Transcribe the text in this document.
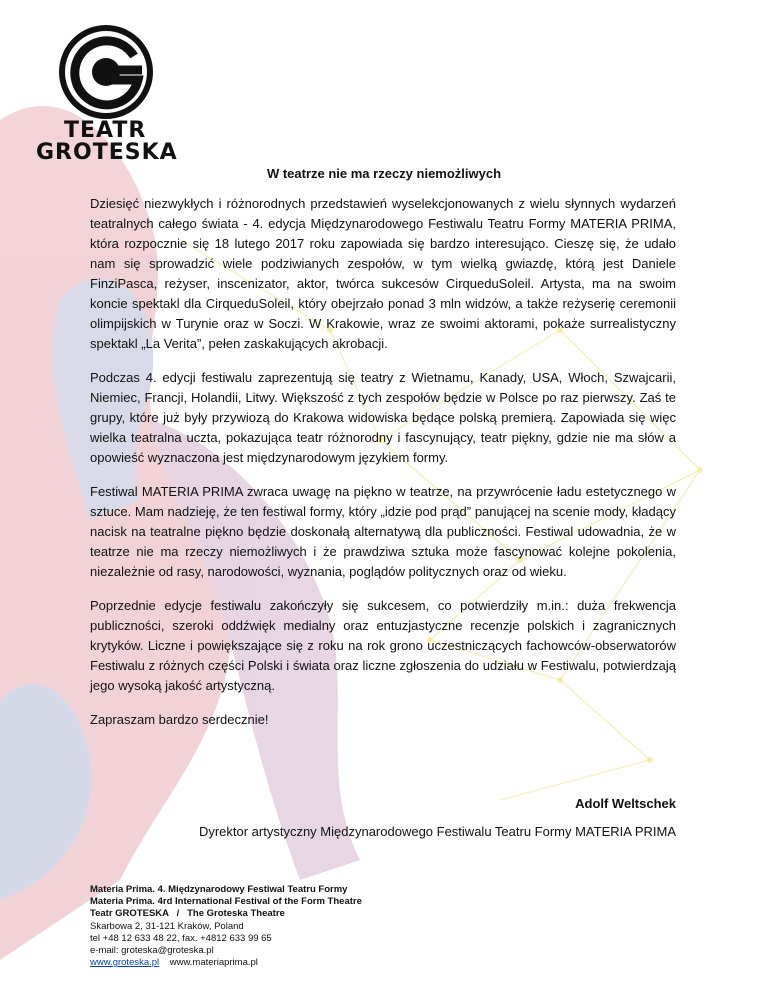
TEATR
GROTESKA
W teatrze nie ma rzeczy niemożliwych

Dziesięć niezwykłych i różnorodnych przedstawień wyselekcjonowanych z wielu słynnych wydarzeń teatralnych całego świata - 4. edycja Międzynarodowego Festiwalu Teatru Formy MATERIA PRIMA, która rozpocznie się 18 lutego 2017 roku zapowiada się bardzo interesująco. Cieszę się, że udało nam się sprowadzić wiele podziwianych zespołów, w tym wielką gwiazdę, którą jest Daniele FinziPasca, reżyser, inscenizator, aktor, twórca sukcesów CirqueduSoleil. Artysta, ma na swoim koncie spektakl dla CirqueduSoleil, który obejrzało ponad 3 mln widzów, a także reżyserię ceremonii olimpijskich w Turynie oraz w Soczi. W Krakowie, wraz ze swoimi aktorami, pokaże surrealistyczny spektakl „La Verita”, pełen zaskakujących akrobacji.

Podczas 4. edycji festiwalu zaprezentują się teatry z Wietnamu, Kanady, USA, Włoch, Szwajcarii, Niemiec, Francji, Holandii, Litwy. Większość z tych zespołów będzie w Polsce po raz pierwszy. Zaś te grupy, które już były przywiozą do Krakowa widowiska będące polską premierą. Zapowiada się więc wielka teatralna uczta, pokazująca teatr różnorodny i fascynujący, teatr piękny, gdzie nie ma słów a opowieść wyznaczona jest międzynarodowym językiem formy.

Festiwal MATERIA PRIMA zwraca uwagę na piękno w teatrze, na przywrócenie ładu estetycznego w sztuce. Mam nadzieję, że ten festiwal formy, który „idzie pod prąd” panującej na scenie mody, kładący nacisk na teatralne piękno będzie doskonałą alternatywą dla publiczności. Festiwal udowadnia, że w teatrze nie ma rzeczy niemożliwych i że prawdziwa sztuka może fascynować kolejne pokolenia, niezależnie od rasy, narodowości, wyznania, poglądów politycznych oraz od wieku.

Poprzednie edycje festiwalu zakończyły się sukcesem, co potwierdziły m.in.: duża frekwencja publiczności, szeroki oddźwięk medialny oraz entuzjastyczne recenzje polskich i zagranicznych krytyków. Liczne i powiększające się z roku na rok grono uczestniczących fachowców-obserwatorów Festiwalu z różnych części Polski i świata oraz liczne zgłoszenia do udziału w Festiwalu, potwierdzają jego wysoką jakość artystyczną.

Zapraszam bardzo serdecznie!

Adolf Weltschek
Dyrektor artystyczny Międzynarodowego Festiwalu Teatru Formy MATERIA PRIMA
Materia Prima. 4. Międzynarodowy Festiwal Teatru Formy
Materia Prima. 4rd International Festival of the Form Theatre
Teatr GROTESKA   /   The Groteska Theatre
Skarbowa 2, 31-121 Kraków, Poland
tel +48 12 633 48 22, fax. +4812 633 99 65
e-mail: groteska@groteska.pl
www.groteska.pl www.materiaprima.pl
